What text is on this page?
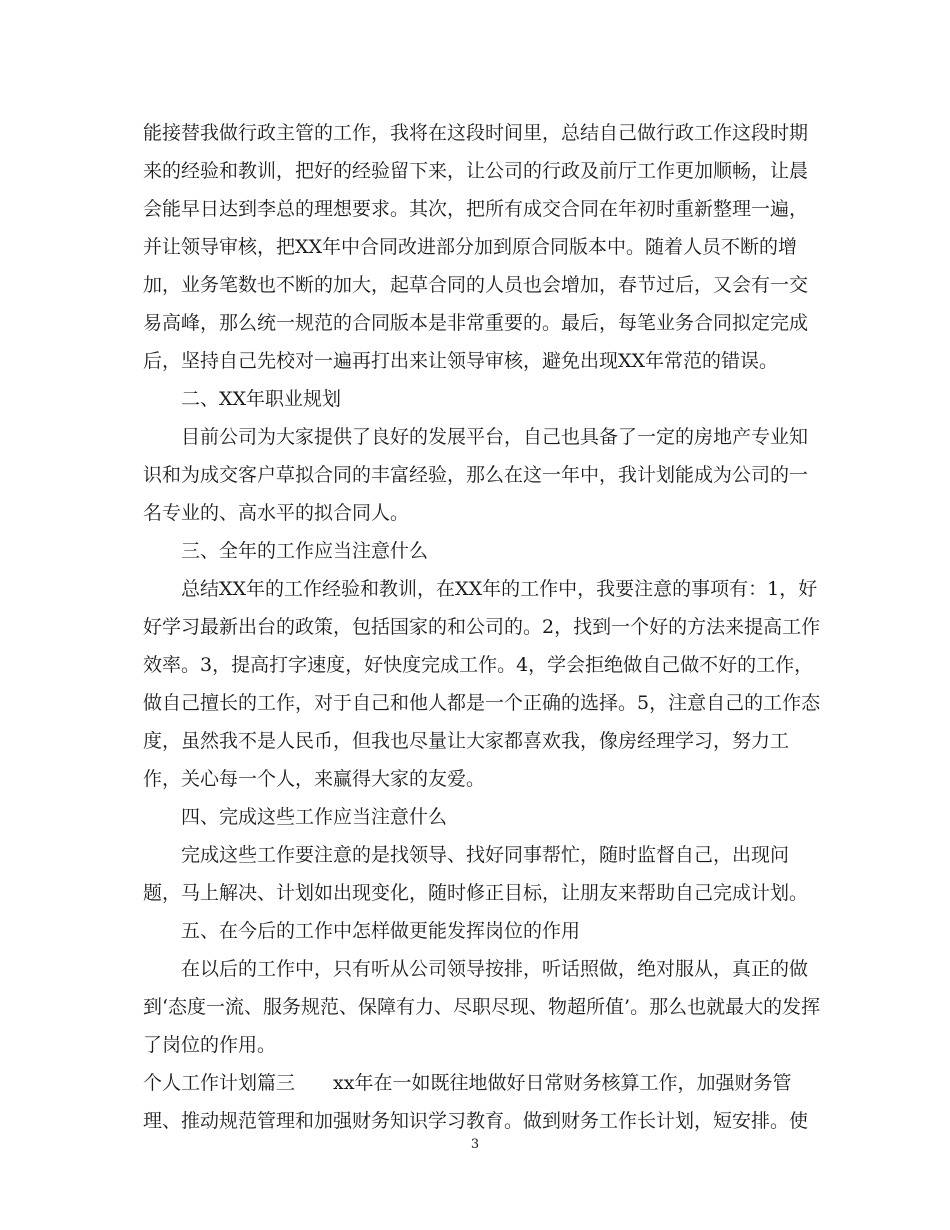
能接替我做行政主管的工作，我将在这段时间里，总结自己做行政工作这段时期
来的经验和教训，把好的经验留下来，让公司的行政及前厅工作更加顺畅，让晨
会能早日达到李总的理想要求。其次，把所有成交合同在年初时重新整理一遍，
并让领导审核，把XX年中合同改进部分加到原合同版本中。随着人员不断的增
加，业务笔数也不断的加大，起草合同的人员也会增加，春节过后，又会有一交
易高峰，那么统一规范的合同版本是非常重要的。最后，每笔业务合同拟定完成
后，坚持自己先校对一遍再打出来让领导审核，避免出现XX年常范的错误。
二、XX年职业规划
目前公司为大家提供了良好的发展平台，自己也具备了一定的房地产专业知
识和为成交客户草拟合同的丰富经验，那么在这一年中，我计划能成为公司的一
名专业的、高水平的拟合同人。
三、全年的工作应当注意什么
总结XX年的工作经验和教训，在XX年的工作中，我要注意的事项有：1，好
好学习最新出台的政策，包括国家的和公司的。2，找到一个好的方法来提高工作
效率。3，提高打字速度，好快度完成工作。4，学会拒绝做自己做不好的工作，
做自己擅长的工作，对于自己和他人都是一个正确的选择。5，注意自己的工作态
度，虽然我不是人民币，但我也尽量让大家都喜欢我，像房经理学习，努力工
作，关心每一个人，来赢得大家的友爱。
四、完成这些工作应当注意什么
完成这些工作要注意的是找领导、找好同事帮忙，随时监督自己，出现问
题，马上解决、计划如出现变化，随时修正目标，让朋友来帮助自己完成计划。
五、在今后的工作中怎样做更能发挥岗位的作用
在以后的工作中，只有听从公司领导按排，听话照做，绝对服从，真正的做
到‘态度一流、服务规范、保障有力、尽职尽现、物超所值’。那么也就最大的发挥
了岗位的作用。
个人工作计划篇三 xx年在一如既往地做好日常财务核算工作，加强财务管
理、推动规范管理和加强财务知识学习教育。做到财务工作长计划，短安排。使
3
